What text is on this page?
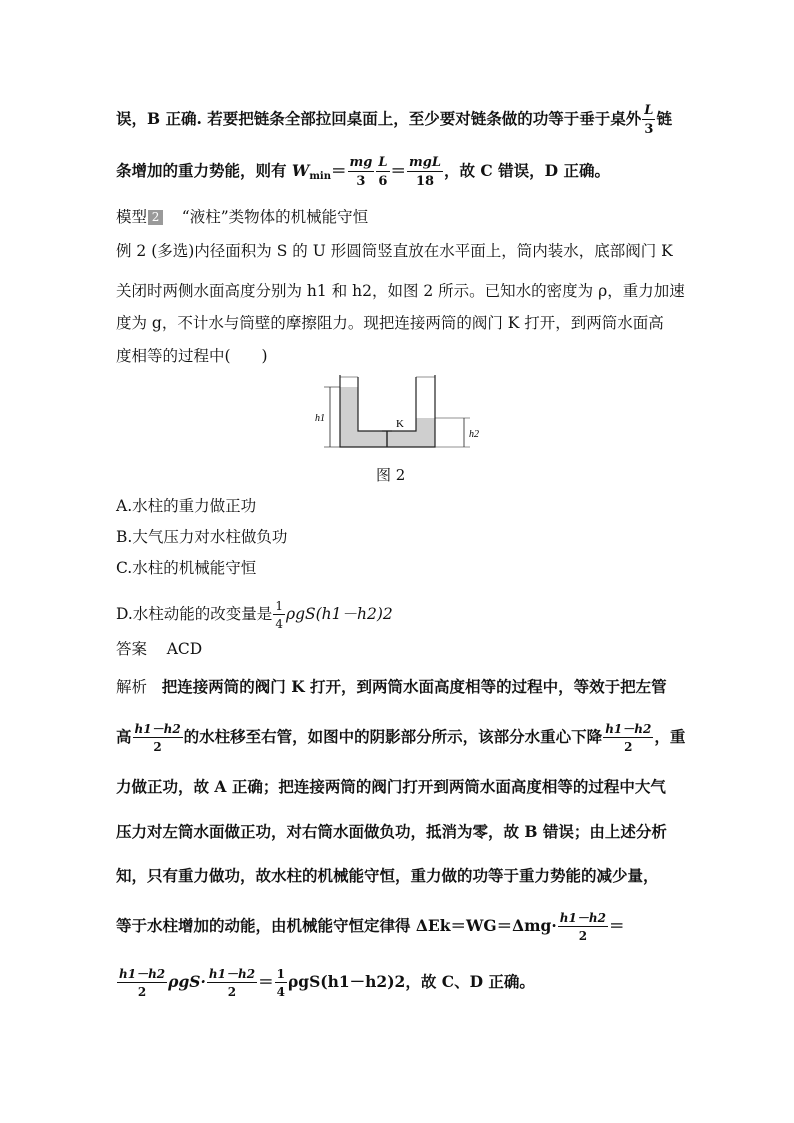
误，B 正确. 若要把链条全部拉回桌面上，至少要对链条做的功等于垂于桌外 $\frac{L}{3}$ 链
条增加的重力势能，则有 $W_{min}= \frac{mg}{3} \frac{L}{6} = \frac{\text{mgL}}{18}$ ，故 C 错误，D 正确。
模型 2 “液柱”类物体的机械能守恒
例 2 (多选)内径面积为 S 的 U 形圆筒竖直放在水平面上，筒内装水，底部阀门 K
关闭时两侧水面高度分别为 h1 和 h2，如图 2 所示。已知水的密度为 ρ，重力加速
度为 g，不计水与筒壁的摩擦阻力。现把连接两筒的阀门 K 打开，到两筒水面高
度相等的过程中(　　)
K
h1
h2
图 2
A.水柱的重力做正功
B.大气压力对水柱做负功
C.水柱的机械能守恒
D.水柱动能的改变量是 $\frac{1}{4} \rho gS(h1-h2)2$
答案 ACD
解析 把连接两筒的阀门 K 打开，到两筒水面高度相等的过程中，等效于把左管
高 $\frac{h1-h2}{2}$ 的水柱移至右管，如图中的阴影部分所示，该部分水重心下降 $\frac{h1-h2}{2}$ ，重
力做正功，故 A 正确；把连接两筒的阀门打开到两筒水面高度相等的过程中大气
压力对左筒水面做正功，对右筒水面做负功，抵消为零，故 B 错误；由上述分析
知，只有重力做功，故水柱的机械能守恒，重力做的功等于重力势能的减少量，
等于水柱增加的动能，由机械能守恒定律得 $\Delta Ek=WG=\Delta mg\cdot \frac{h1-h2}{2}$ ＝
$\frac{h1-h2}{2} \rho gS\cdot \frac{h1-h2}{2} = \frac{1}{4} \rho gS(h1-h2)2$，故 C、D 正确。
